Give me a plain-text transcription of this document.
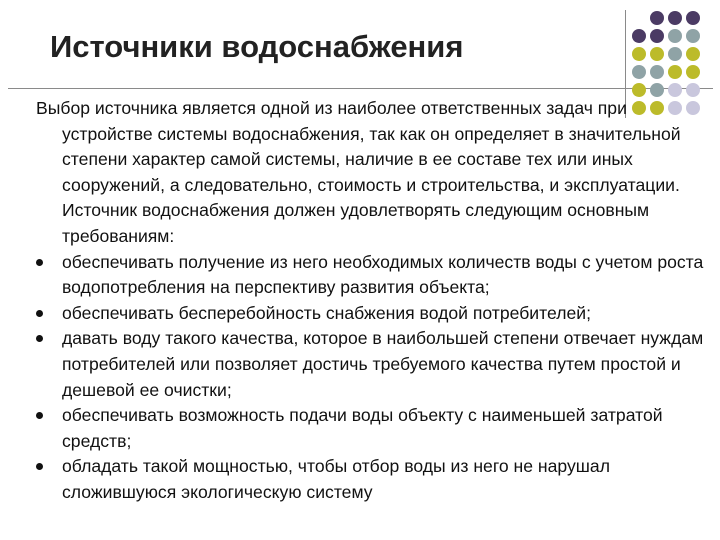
Источники водоснабжения

Выбор источника является одной из наиболее ответственных задач при устройстве системы водоснабжения, так как он определяет в значительной степени характер самой системы, наличие в ее составе тех или иных сооружений, а следовательно, стоимость и строительства, и эксплуатации. Источник водоснабжения должен удовлетворять следующим основным требованиям:

обеспечивать получение из него необходимых количеств воды с учетом роста водопотребления на перспективу развития объекта;
обеспечивать бесперебойность снабжения водой потребителей;
давать воду такого качества, которое в наибольшей степени отвечает нуждам потребителей или позволяет достичь требуемого качества путем простой и дешевой ее очистки;
обеспечивать возможность подачи воды объекту с наименьшей затратой средств;
обладать такой мощностью, чтобы отбор воды из него не нарушал сложившуюся экологическую систему
